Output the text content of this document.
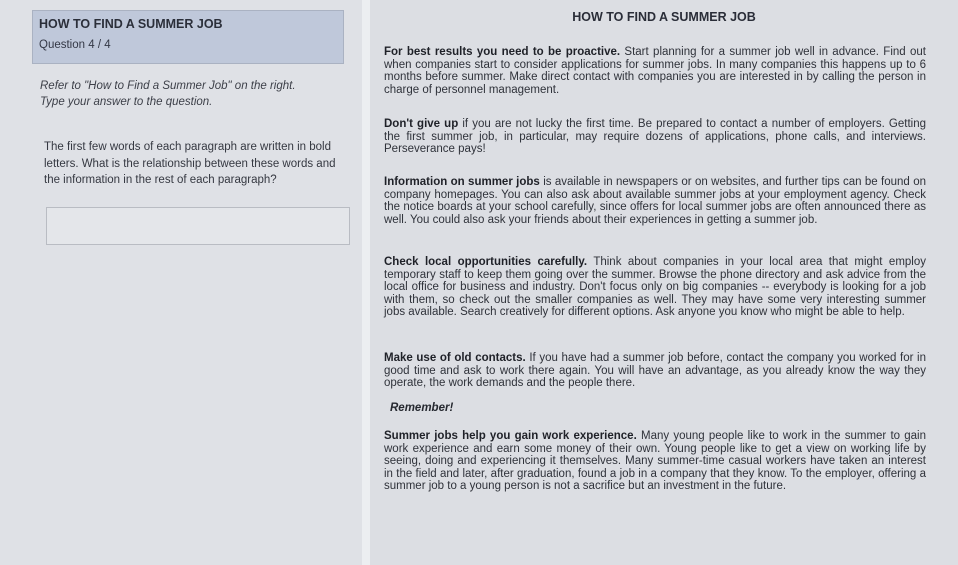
HOW TO FIND A SUMMER JOB
Question 4 / 4
Refer to "How to Find a Summer Job" on the right.
Type your answer to the question.
The first few words of each paragraph are written in bold letters. What is the relationship between these words and the information in the rest of each paragraph?
HOW TO FIND A SUMMER JOB
For best results you need to be proactive. Start planning for a summer job well in advance. Find out when companies start to consider applications for summer jobs. In many companies this happens up to 6 months before summer. Make direct contact with companies you are interested in by calling the person in charge of personnel management.
Don't give up if you are not lucky the first time. Be prepared to contact a number of employers. Getting the first summer job, in particular, may require dozens of applications, phone calls, and interviews. Perseverance pays!
Information on summer jobs is available in newspapers or on websites, and further tips can be found on company homepages. You can also ask about available summer jobs at your employment agency. Check the notice boards at your school carefully, since offers for local summer jobs are often announced there as well. You could also ask your friends about their experiences in getting a summer job.
Check local opportunities carefully. Think about companies in your local area that might employ temporary staff to keep them going over the summer. Browse the phone directory and ask advice from the local office for business and industry. Don't focus only on big companies -- everybody is looking for a job with them, so check out the smaller companies as well. They may have some very interesting summer jobs available. Search creatively for different options. Ask anyone you know who might be able to help.
Make use of old contacts. If you have had a summer job before, contact the company you worked for in good time and ask to work there again. You will have an advantage, as you already know the way they operate, the work demands and the people there.
Remember!
Summer jobs help you gain work experience. Many young people like to work in the summer to gain work experience and earn some money of their own. Young people like to get a view on working life by seeing, doing and experiencing it themselves. Many summer-time casual workers have taken an interest in the field and later, after graduation, found a job in a company that they know. To the employer, offering a summer job to a young person is not a sacrifice but an investment in the future.
